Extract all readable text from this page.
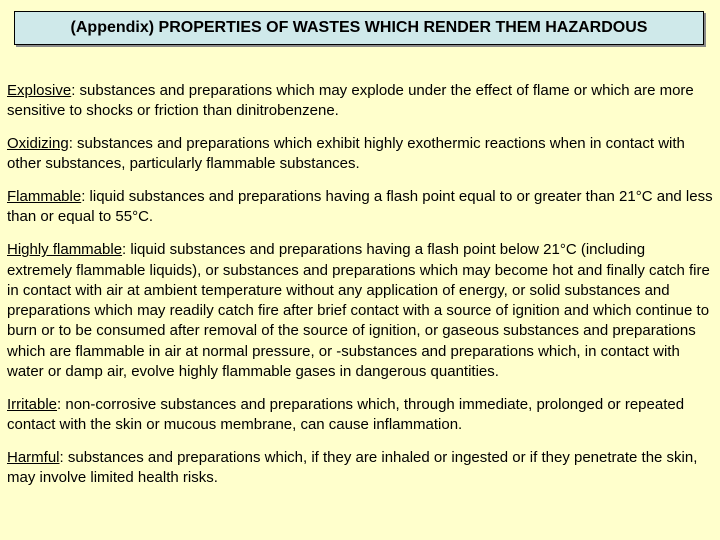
(Appendix) PROPERTIES OF WASTES WHICH RENDER THEM HAZARDOUS

Explosive: substances and preparations which may explode under the effect of flame or which are more sensitive to shocks or friction than dinitrobenzene.

Oxidizing: substances and preparations which exhibit highly exothermic reactions when in contact with other substances, particularly flammable substances.

Flammable: liquid substances and preparations having a flash point equal to or greater than 21°C and less than or equal to 55°C.

Highly flammable: liquid substances and preparations having a flash point below 21°C (including extremely flammable liquids), or substances and preparations which may become hot and finally catch fire in contact with air at ambient temperature without any application of energy, or solid substances and preparations which may readily catch fire after brief contact with a source of ignition and which continue to burn or to be consumed after removal of the source of ignition, or gaseous substances and preparations which are flammable in air at normal pressure, or -substances and preparations which, in contact with water or damp air, evolve highly flammable gases in dangerous quantities.

Irritable: non-corrosive substances and preparations which, through immediate, prolonged or repeated contact with the skin or mucous membrane, can cause inflammation.

Harmful: substances and preparations which, if they are inhaled or ingested or if they penetrate the skin, may involve limited health risks.
